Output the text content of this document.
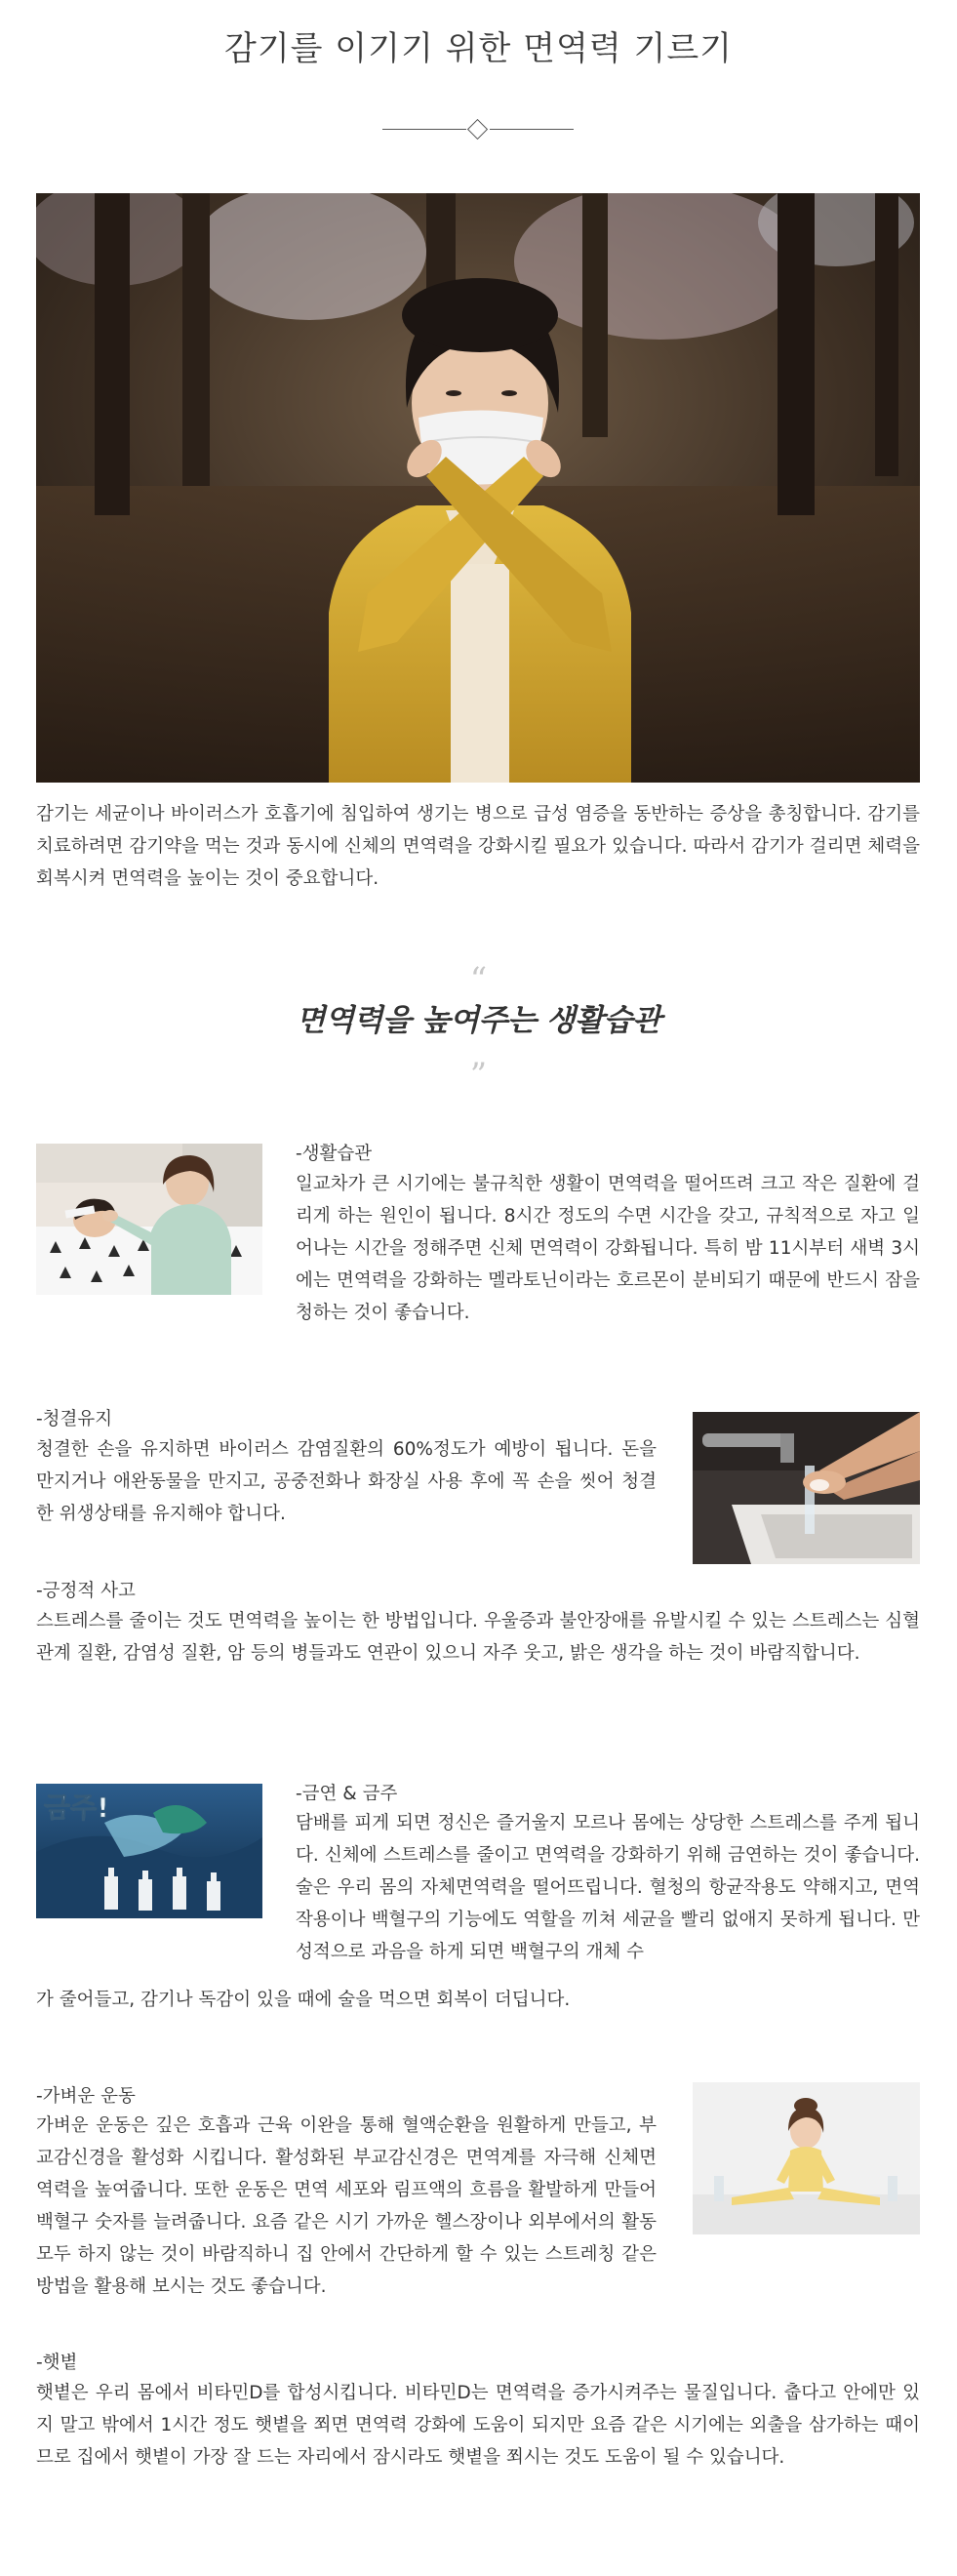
감기를 이기기 위한 면역력 기르기

감기는 세균이나 바이러스가 호흡기에 침입하여 생기는 병으로 급성 염증을 동반하는 증상을 총칭합니다. 감기를 치료하려면 감기약을 먹는 것과 동시에 신체의 면역력을 강화시킬 필요가 있습니다. 따라서 감기가 걸리면 체력을 회복시켜 면역력을 높이는 것이 중요합니다.

“
면역력을 높여주는 생활습관
”
-생활습관

일교차가 큰 시기에는 불규칙한 생활이 면역력을 떨어뜨려 크고 작은 질환에 걸리게 하는 원인이 됩니다. 8시간 정도의 수면 시간을 갖고, 규칙적으로 자고 일어나는 시간을 정해주면 신체 면역력이 강화됩니다. 특히 밤 11시부터 새벽 3시에는 면역력을 강화하는 멜라토닌이라는 호르몬이 분비되기 때문에 반드시 잠을 청하는 것이 좋습니다.

-청결유지

청결한 손을 유지하면 바이러스 감염질환의 60%정도가 예방이 됩니다. 돈을 만지거나 애완동물을 만지고, 공중전화나 화장실 사용 후에 꼭 손을 씻어 청결한 위생상태를 유지해야 합니다.

-긍정적 사고

스트레스를 줄이는 것도 면역력을 높이는 한 방법입니다. 우울증과 불안장애를 유발시킬 수 있는 스트레스는 심혈관계 질환, 감염성 질환, 암 등의 병들과도 연관이 있으니 자주 웃고, 밝은 생각을 하는 것이 바람직합니다.

금주!	-금연 & 금주

담배를 피게 되면 정신은 즐거울지 모르나 몸에는 상당한 스트레스를 주게 됩니다. 신체에 스트레스를 줄이고 면역력을 강화하기 위해 금연하는 것이 좋습니다. 술은 우리 몸의 자체면역력을 떨어뜨립니다. 혈청의 항균작용도 약해지고, 면역작용이나 백혈구의 기능에도 역할을 끼쳐 세균을 빨리 없애지 못하게 됩니다. 만성적으로 과음을 하게 되면 백혈구의 개체 수

가 줄어들고, 감기나 독감이 있을 때에 술을 먹으면 회복이 더딥니다.

-가벼운 운동

가벼운 운동은 깊은 호흡과 근육 이완을 통해 혈액순환을 원활하게 만들고, 부교감신경을 활성화 시킵니다. 활성화된 부교감신경은 면역계를 자극해 신체면역력을 높여줍니다. 또한 운동은 면역 세포와 림프액의 흐름을 활발하게 만들어 백혈구 숫자를 늘려줍니다. 요즘 같은 시기 가까운 헬스장이나 외부에서의 활동 모두 하지 않는 것이 바람직하니 집 안에서 간단하게 할 수 있는 스트레칭 같은 방법을 활용해 보시는 것도 좋습니다.

-햇볕

햇볕은 우리 몸에서 비타민D를 합성시킵니다. 비타민D는 면역력을 증가시켜주는 물질입니다. 춥다고 안에만 있지 말고 밖에서 1시간 정도 햇볕을 쬐면 면역력 강화에 도움이 되지만 요즘 같은 시기에는 외출을 삼가하는 때이므로 집에서 햇볕이 가장 잘 드는 자리에서 잠시라도 햇볕을 쬐시는 것도 도움이 될 수 있습니다.
